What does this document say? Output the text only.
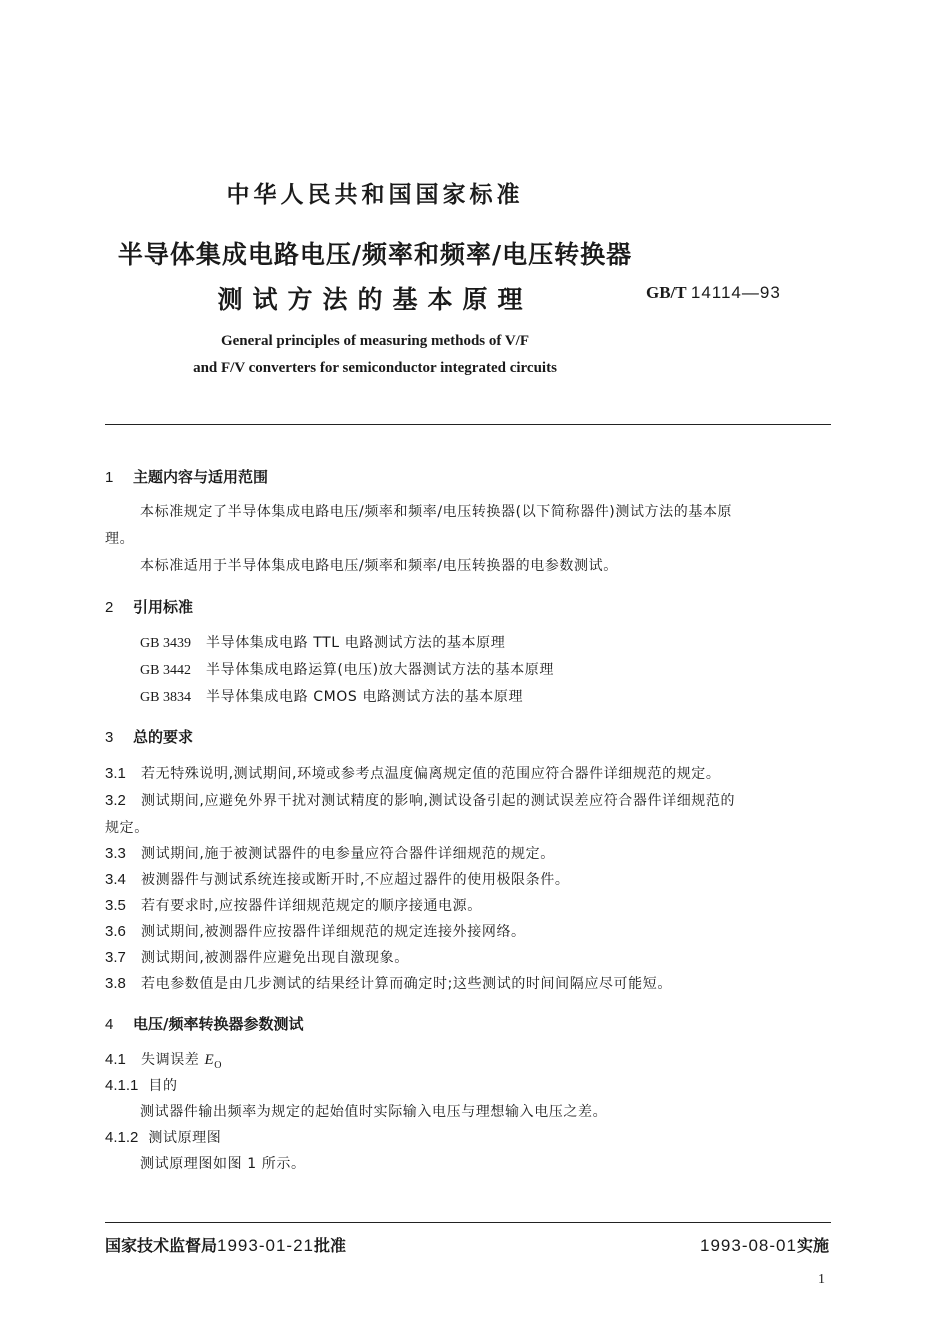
中华人民共和国国家标准
半导体集成电路电压/频率和频率/电压转换器
测试方法的基本原理	GB/T 14114—93
General principles of measuring methods of V/F
and F/V converters for semiconductor integrated circuits
1 主题内容与适用范围
本标准规定了半导体集成电路电压/频率和频率/电压转换器(以下简称器件)测试方法的基本原
理。
本标准适用于半导体集成电路电压/频率和频率/电压转换器的电参数测试。
2 引用标准
GB 3439 半导体集成电路 TTL 电路测试方法的基本原理
GB 3442 半导体集成电路运算(电压)放大器测试方法的基本原理
GB 3834 半导体集成电路 CMOS 电路测试方法的基本原理
3 总的要求
3.1 若无特殊说明,测试期间,环境或参考点温度偏离规定值的范围应符合器件详细规范的规定。
3.2 测试期间,应避免外界干扰对测试精度的影响,测试设备引起的测试误差应符合器件详细规范的
规定。
3.3 测试期间,施于被测试器件的电参量应符合器件详细规范的规定。
3.4 被测器件与测试系统连接或断开时,不应超过器件的使用极限条件。
3.5 若有要求时,应按器件详细规范规定的顺序接通电源。
3.6 测试期间,被测器件应按器件详细规范的规定连接外接网络。
3.7 测试期间,被测器件应避免出现自激现象。
3.8 若电参数值是由几步测试的结果经计算而确定时;这些测试的时间间隔应尽可能短。
4 电压/频率转换器参数测试
4.1 失调误差 $E_O$
4.1.1 目的
测试器件输出频率为规定的起始值时实际输入电压与理想输入电压之差。
4.1.2 测试原理图
测试原理图如图 1 所示。
国家技术监督局1993-01-21批准	1993-08-01实施
1
